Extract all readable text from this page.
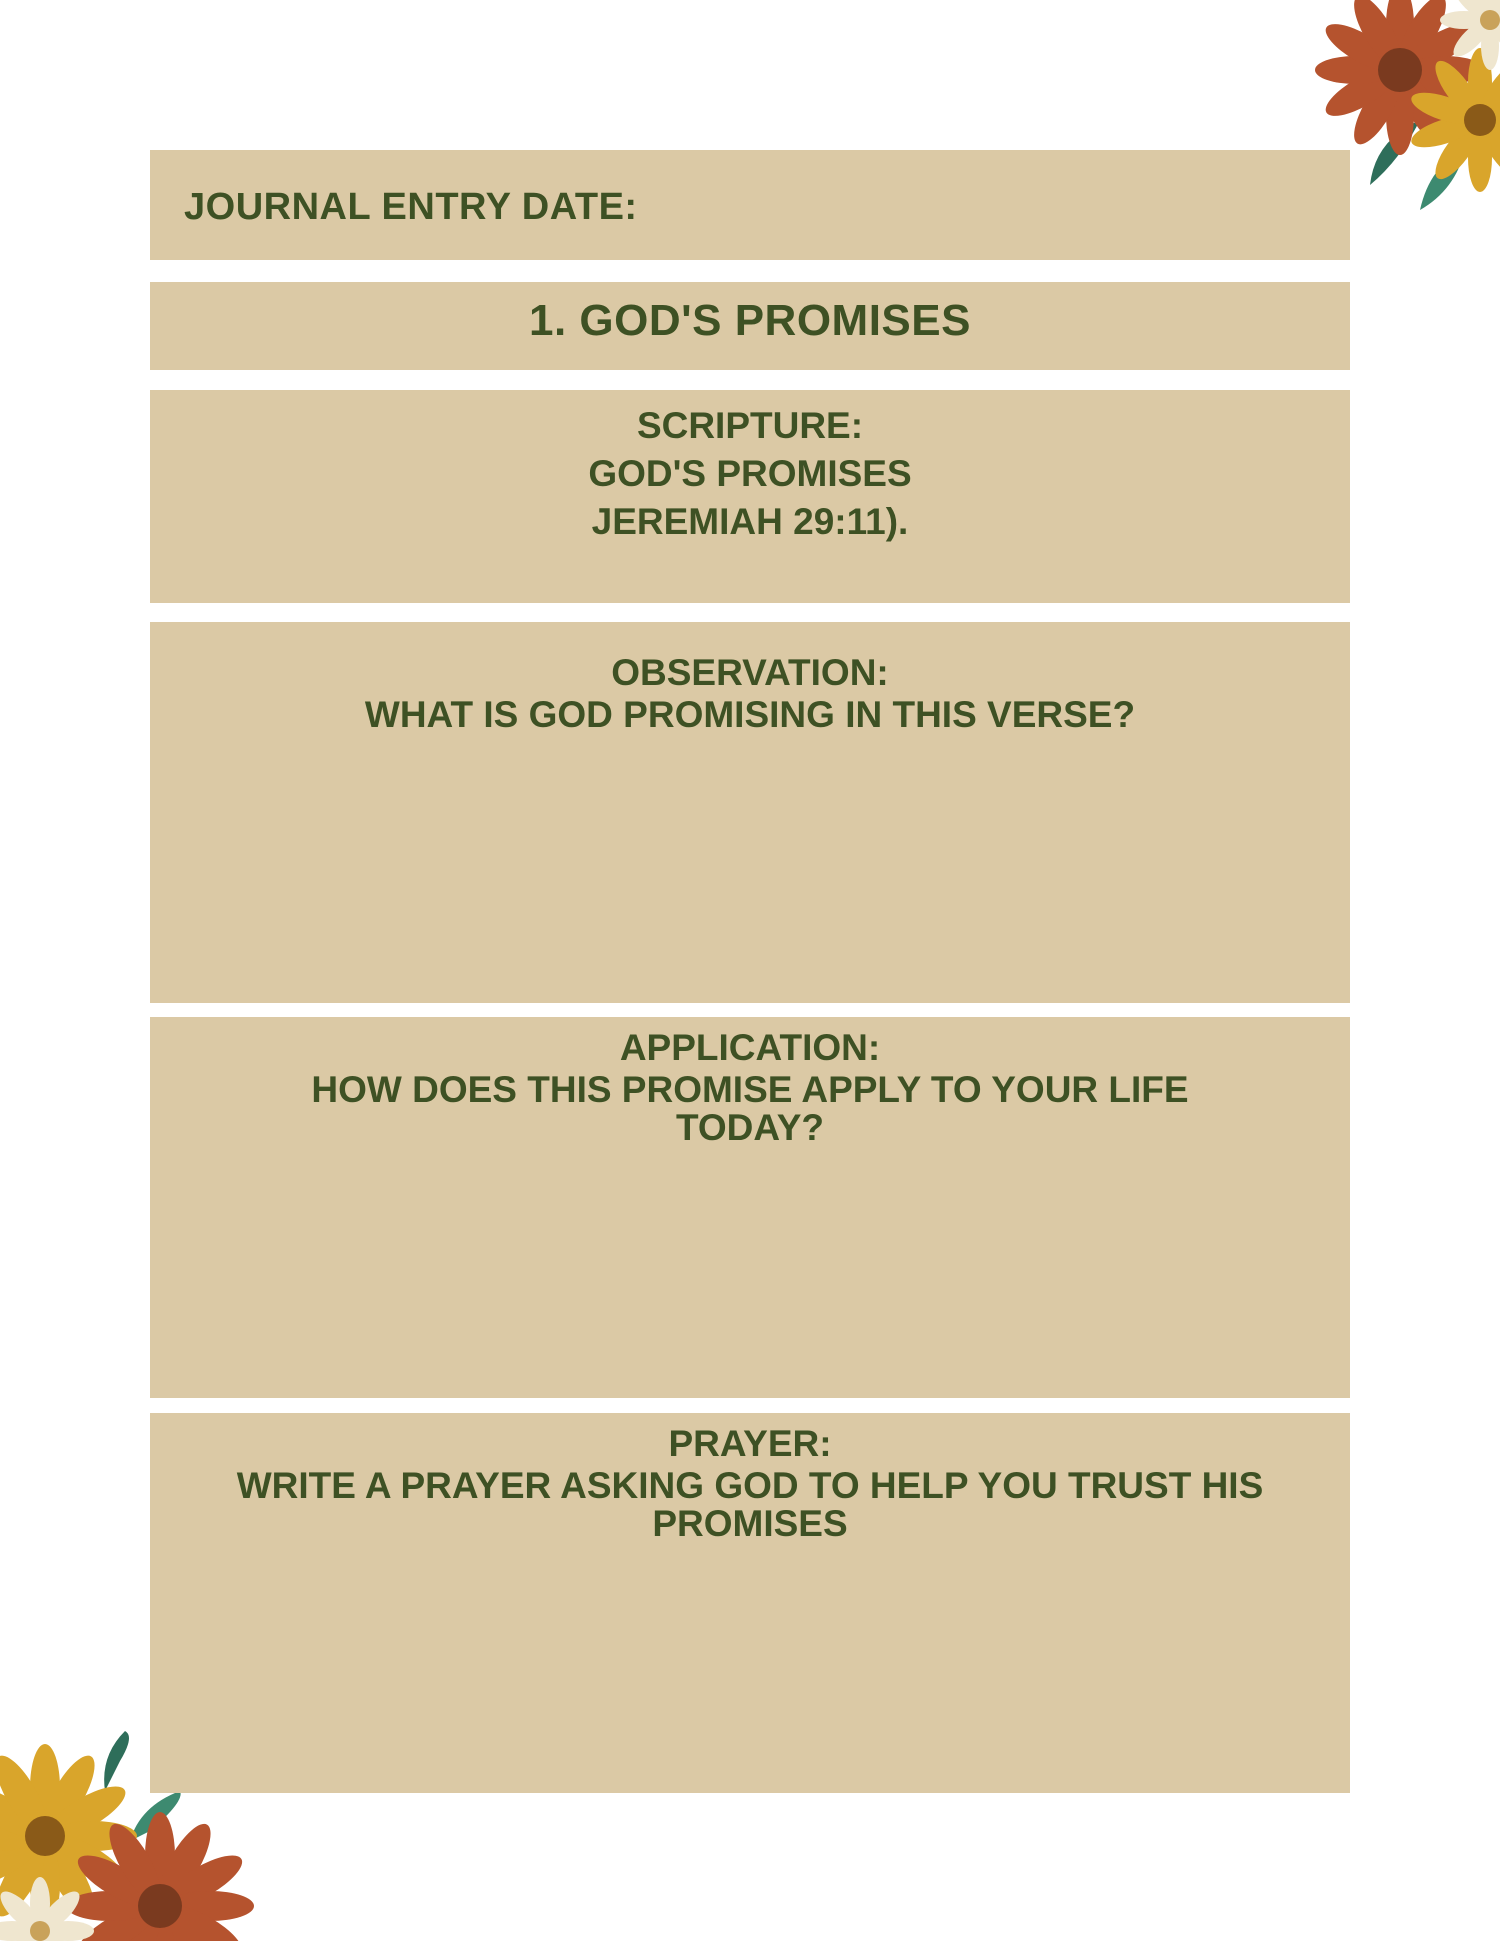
JOURNAL ENTRY DATE:
1. GOD'S PROMISES
SCRIPTURE:
GOD'S PROMISES
JEREMIAH 29:11).
OBSERVATION:
WHAT IS GOD PROMISING IN THIS VERSE?
APPLICATION:
HOW DOES THIS PROMISE APPLY TO YOUR LIFE TODAY?
PRAYER:
WRITE A PRAYER ASKING GOD TO HELP YOU TRUST HIS PROMISES
